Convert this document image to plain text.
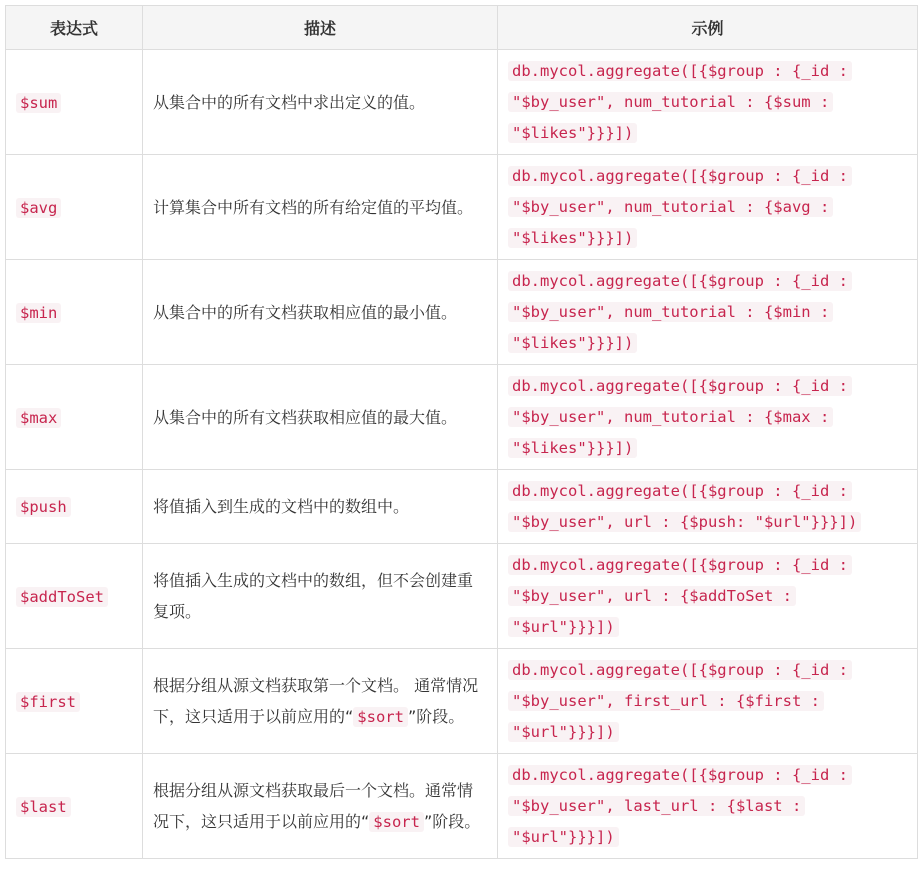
表达式	描述	示例
$sum	从集合中的所有文档中求出定义的值。	db.mycol.aggregate([{$group : {_id : "$by_user", num_tutorial : {$sum : "$likes"}}}])
$avg	计算集合中所有文档的所有给定值的平均值。	db.mycol.aggregate([{$group : {_id : "$by_user", num_tutorial : {$avg : "$likes"}}}])
$min	从集合中的所有文档获取相应值的最小值。	db.mycol.aggregate([{$group : {_id : "$by_user", num_tutorial : {$min : "$likes"}}}])
$max	从集合中的所有文档获取相应值的最大值。	db.mycol.aggregate([{$group : {_id : "$by_user", num_tutorial : {$max : "$likes"}}}])
$push	将值插入到生成的文档中的数组中。	db.mycol.aggregate([{$group : {_id : "$by_user", url : {$push: "$url"}}}])
$addToSet	将值插入生成的文档中的数组，但不会创建重复项。	db.mycol.aggregate([{$group : {_id : "$by_user", url : {$addToSet : "$url"}}}])
$first	根据分组从源文档获取第一个文档。 通常情况下，这只适用于以前应用的“ $sort ”阶段。	db.mycol.aggregate([{$group : {_id : "$by_user", first_url : {$first : "$url"}}}])
$last	根据分组从源文档获取最后一个文档。通常情况下，这只适用于以前应用的“ $sort ”阶段。	db.mycol.aggregate([{$group : {_id : "$by_user", last_url : {$last : "$url"}}}])
